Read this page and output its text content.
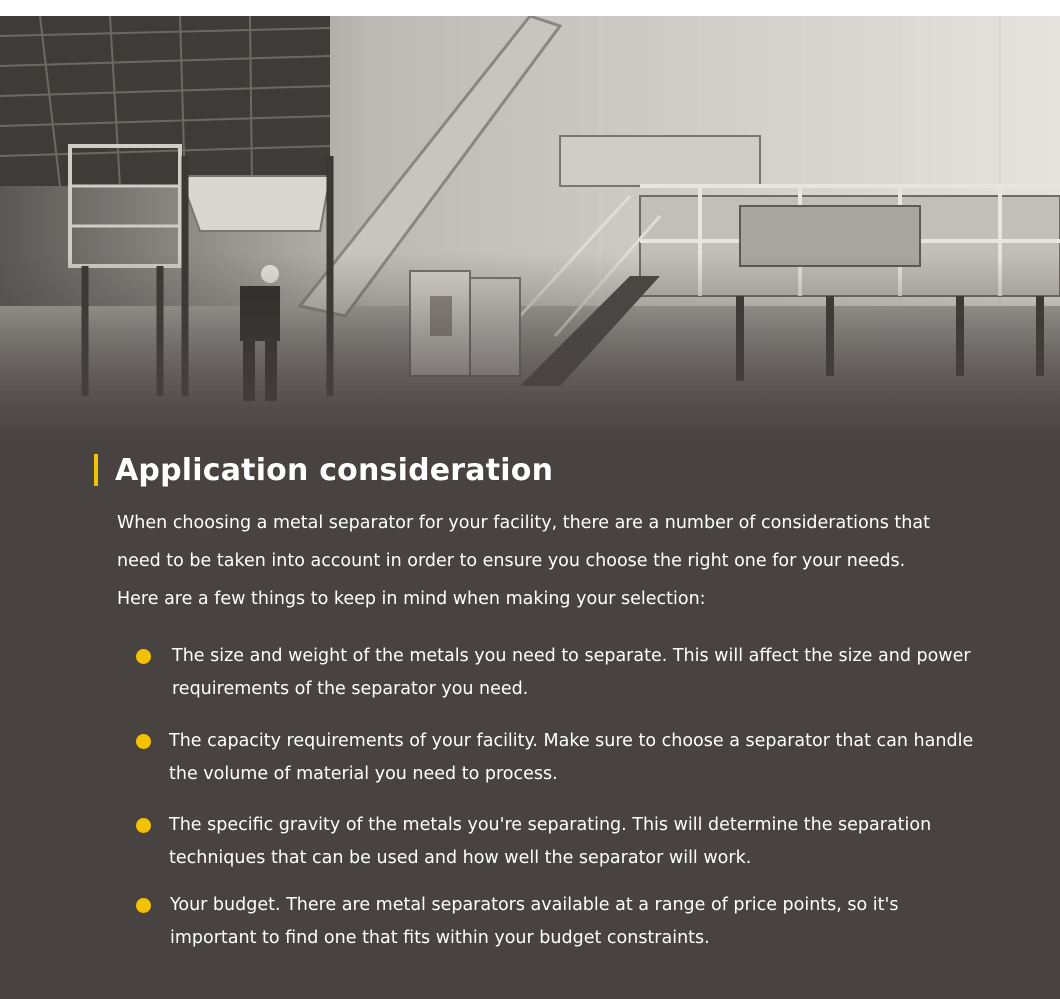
Application consideration
When choosing a metal separator for your facility, there are a number of considerations that need to be taken into account in order to ensure you choose the right one for your needs. Here are a few things to keep in mind when making your selection:
The size and weight of the metals you need to separate. This will affect the size and power requirements of the separator you need.
The capacity requirements of your facility. Make sure to choose a separator that can handle the volume of material you need to process.
The specific gravity of the metals you're separating. This will determine the separation techniques that can be used and how well the separator will work.
Your budget. There are metal separators available at a range of price points, so it's important to find one that fits within your budget constraints.
